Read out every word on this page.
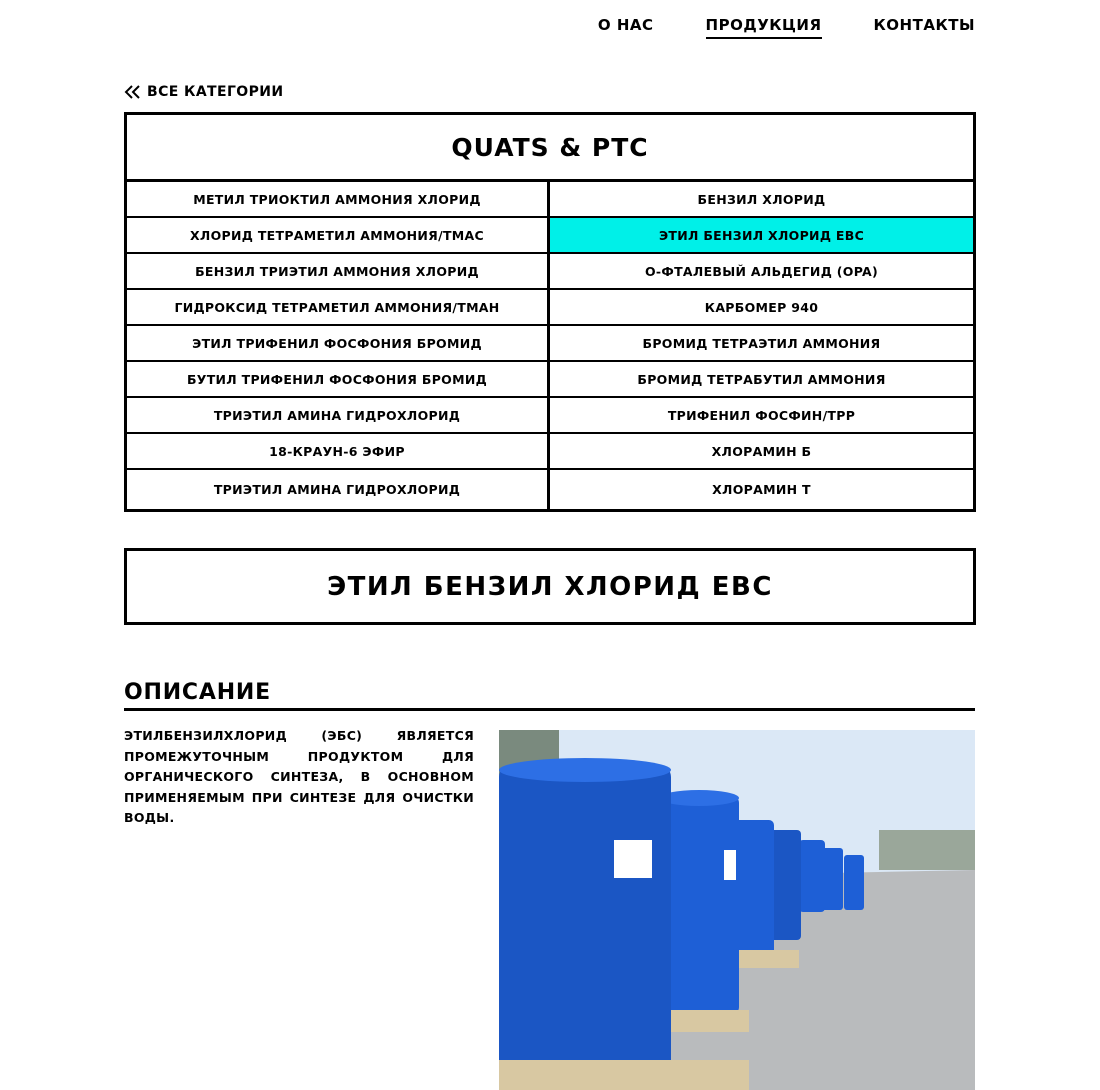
О НАС	ПРОДУКЦИЯ	КОНТАКТЫ
ВСЕ КАТЕГОРИИ
QUATS & PTC
МЕТИЛ ТРИОКТИЛ АММОНИЯ ХЛОРИД	БЕНЗИЛ ХЛОРИД
ХЛОРИД ТЕТРАМЕТИЛ АММОНИЯ/TMAC	ЭТИЛ БЕНЗИЛ ХЛОРИД EBC
БЕНЗИЛ ТРИЭТИЛ АММОНИЯ ХЛОРИД	О-ФТАЛЕВЫЙ АЛЬДЕГИД (OPA)
ГИДРОКСИД ТЕТРАМЕТИЛ АММОНИЯ/TMAH	КАРБОМЕР 940
ЭТИЛ ТРИФЕНИЛ ФОСФОНИЯ БРОМИД	БРОМИД ТЕТРАЭТИЛ АММОНИЯ
БУТИЛ ТРИФЕНИЛ ФОСФОНИЯ БРОМИД	БРОМИД ТЕТРАБУТИЛ АММОНИЯ
ТРИЭТИЛ АМИНА ГИДРОХЛОРИД	ТРИФЕНИЛ ФОСФИН/TPP
18-КРАУН-6 ЭФИР	ХЛОРАМИН Б
ТРИЭТИЛ АМИНА ГИДРОХЛОРИД	ХЛОРАМИН Т
ЭТИЛ БЕНЗИЛ ХЛОРИД EBC
ОПИСАНИЕ
ЭТИЛБЕНЗИЛХЛОРИД (ЭБС) ЯВЛЯЕТСЯ ПРОМЕЖУТОЧНЫМ ПРОДУКТОМ ДЛЯ ОРГАНИЧЕСКОГО СИНТЕЗА, В ОСНОВНОМ ПРИМЕНЯЕМЫМ ПРИ СИНТЕЗЕ ДЛЯ ОЧИСТКИ ВОДЫ.
